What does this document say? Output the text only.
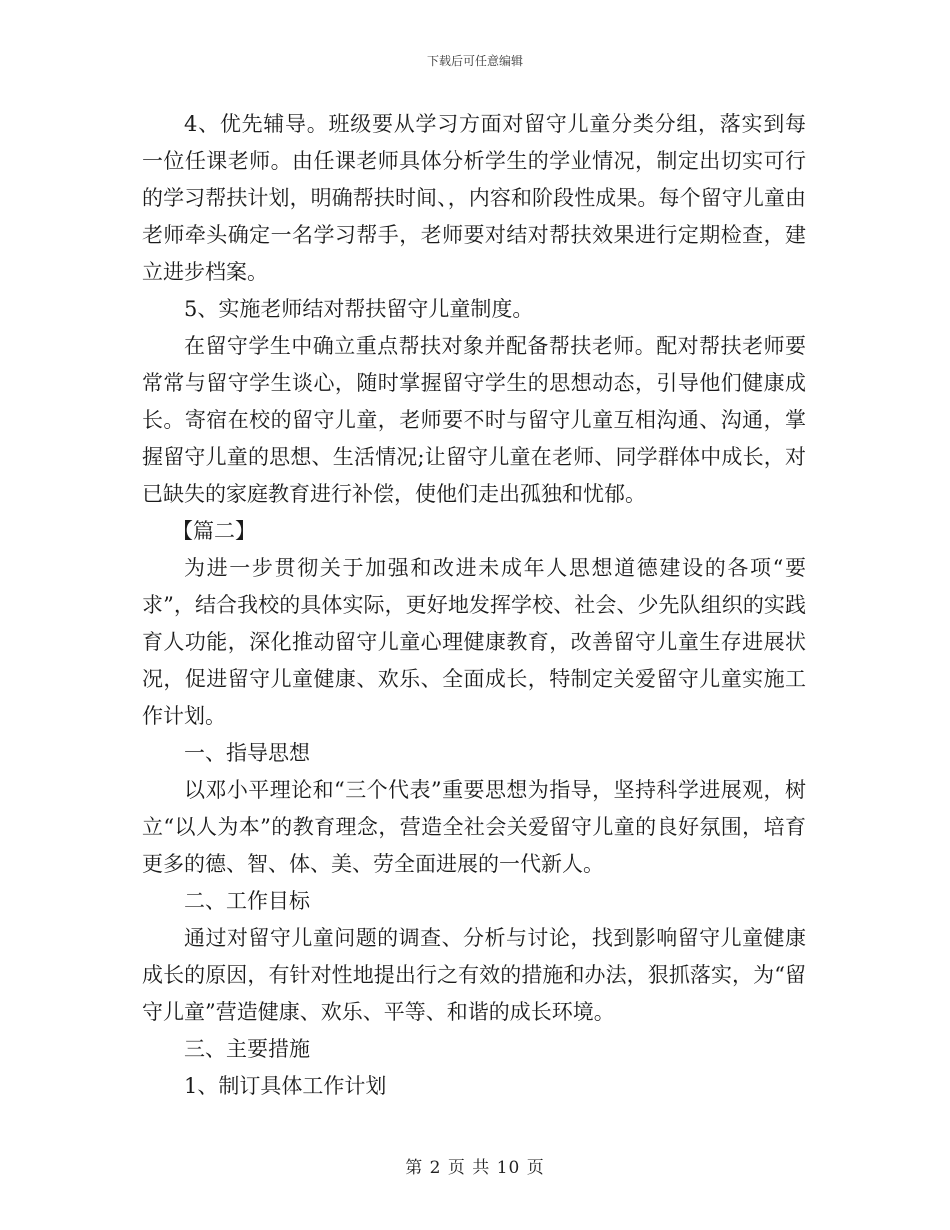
下载后可任意编辑

4、优先辅导。班级要从学习方面对留守儿童分类分组，落实到每一位任课老师。由任课老师具体分析学生的学业情况，制定出切实可行的学习帮扶计划，明确帮扶时间、，内容和阶段性成果。每个留守儿童由老师牵头确定一名学习帮手，老师要对结对帮扶效果进行定期检查，建立进步档案。

5、实施老师结对帮扶留守儿童制度。

在留守学生中确立重点帮扶对象并配备帮扶老师。配对帮扶老师要常常与留守学生谈心，随时掌握留守学生的思想动态，引导他们健康成长。寄宿在校的留守儿童，老师要不时与留守儿童互相沟通、沟通，掌握留守儿童的思想、生活情况;让留守儿童在老师、同学群体中成长，对已缺失的家庭教育进行补偿，使他们走出孤独和忧郁。

【篇二】

为进一步贯彻关于加强和改进未成年人思想道德建设的各项“要求”，结合我校的具体实际，更好地发挥学校、社会、少先队组织的实践育人功能，深化推动留守儿童心理健康教育，改善留守儿童生存进展状况，促进留守儿童健康、欢乐、全面成长，特制定关爱留守儿童实施工作计划。

一、指导思想

以邓小平理论和“三个代表”重要思想为指导，坚持科学进展观，树立“以人为本”的教育理念，营造全社会关爱留守儿童的良好氛围，培育更多的德、智、体、美、劳全面进展的一代新人。

二、工作目标

通过对留守儿童问题的调查、分析与讨论，找到影响留守儿童健康成长的原因，有针对性地提出行之有效的措施和办法，狠抓落实，为“留守儿童”营造健康、欢乐、平等、和谐的成长环境。

三、主要措施

1、制订具体工作计划

第 2 页 共 10 页
